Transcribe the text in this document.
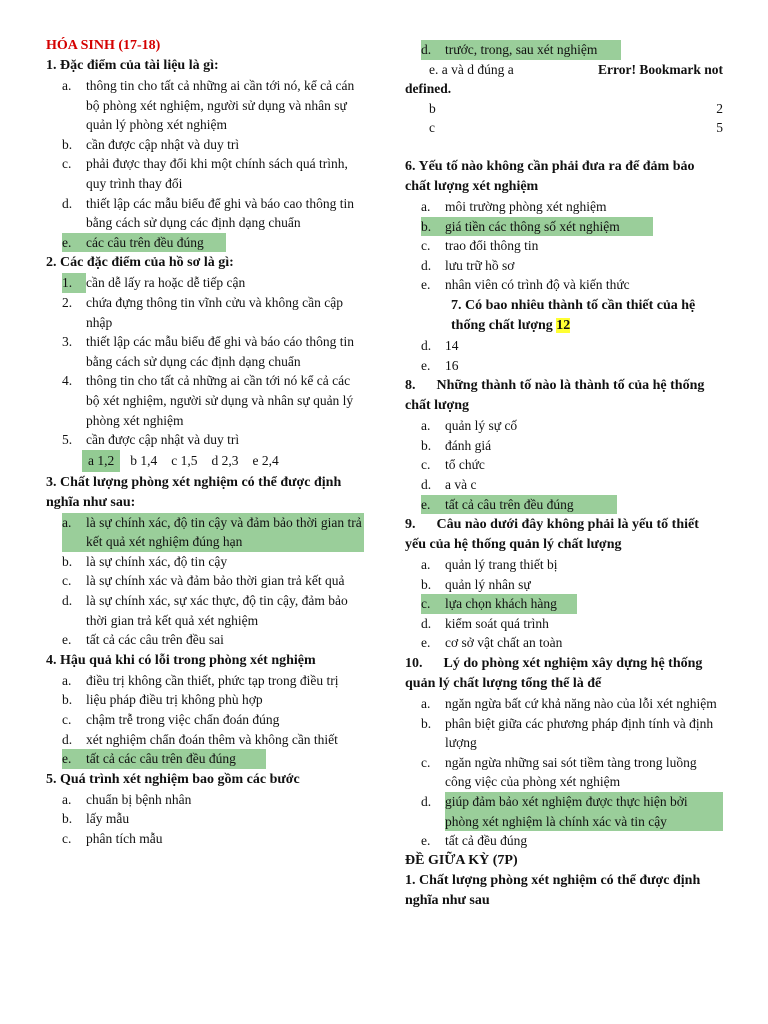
HÓA SINH (17-18)
1. Đặc điểm của tài liệu là gì:
a.	thông tin cho tất cả những ai cần tới nó, kể cả cán bộ phòng xét nghiệm, người sử dụng và nhân sự quản lý phòng xét nghiệm
b.	cần được cập nhật và duy trì
c.	phải được thay đổi khi một chính sách quá trình, quy trình thay đổi
d.	thiết lập các mẫu biểu để ghi và báo cao thông tin bằng cách sử dụng các định dạng chuẩn
e.	các câu trên đều đúng
2. Các đặc điểm của hồ sơ là gì:
1.	cần dễ lấy ra hoặc dễ tiếp cận
2.	chứa đựng thông tin vĩnh cửu và không cần cập nhập
3.	thiết lập các mẫu biểu để ghi và báo cáo thông tin bằng cách sử dụng các định dạng chuẩn
4.	thông tin cho tất cả những ai cần tới nó kể cả các bộ xét nghiệm, người sử dụng và nhân sự quản lý phòng xét nghiệm
5.	cần được cập nhật và duy trì
a 1,2	b 1,4 c 1,5 d 2,3 e 2,4
3. Chất lượng phòng xét nghiệm có thể được định nghĩa như sau:
a.	là sự chính xác, độ tin cậy và đảm bảo thời gian trả kết quả xét nghiệm đúng hạn
b.	là sự chính xác, độ tin cậy
c.	là sự chính xác và đảm bảo thời gian trả kết quả
d.	là sự chính xác, sự xác thực, độ tin cậy, đảm bảo thời gian trả kết quả xét nghiệm
e.	tất cả các câu trên đều sai
4. Hậu quả khi có lỗi trong phòng xét nghiệm
a.	điều trị không cần thiết, phức tạp trong điều trị
b.	liệu pháp điều trị không phù hợp
c.	chậm trễ trong việc chẩn đoán đúng
d.	xét nghiệm chẩn đoán thêm và không cần thiết
e.	tất cả các câu trên đều đúng
5. Quá trình xét nghiệm bao gồm các bước
a.	chuẩn bị bệnh nhân
b.	lấy mẫu
c.	phân tích mẫu
d.	trước, trong, sau xét nghiệm
e. a và d đúng a	Error! Bookmark not
defined.
b	2
c	5
6. Yếu tố nào không cần phải đưa ra để đảm bảo chất lượng xét nghiệm
a.	môi trường phòng xét nghiệm
b.	giá tiền các thông số xét nghiệm
c.	trao đổi thông tin
d.	lưu trữ hồ sơ
e.	nhân viên có trình độ và kiến thức
7. Có bao nhiêu thành tố cần thiết của hệ thống chất lượng 12
d.	14
e.	16
8.      Những thành tố nào là thành tố của hệ thống chất lượng
a.	quản lý sự cố
b.	đánh giá
c.	tổ chức
d.	a và c
e.	tất cả câu trên đều đúng
9.      Câu nào dưới đây không phải là yếu tố thiết yếu của hệ thống quản lý chất lượng
a.	quản lý trang thiết bị
b.	quản lý nhân sự
c.	lựa chọn khách hàng
d.	kiểm soát quá trình
e.	cơ sở vật chất an toàn
10.      Lý do phòng xét nghiệm xây dựng hệ thống quản lý chất lượng tổng thể là để
a.	ngăn ngừa bất cứ khả năng nào của lỗi xét nghiệm
b.	phân biệt giữa các phương pháp định tính và định lượng
c.	ngăn ngừa những sai sót tiềm tàng trong luồng công việc của phòng xét nghiệm
d.	giúp đảm bảo xét nghiệm được thực hiện bởi phòng xét nghiệm là chính xác và tin cậy
e.	tất cả đều đúng
ĐỀ GIỮA KỲ (7P)
1. Chất lượng phòng xét nghiệm có thể được định nghĩa như sau
